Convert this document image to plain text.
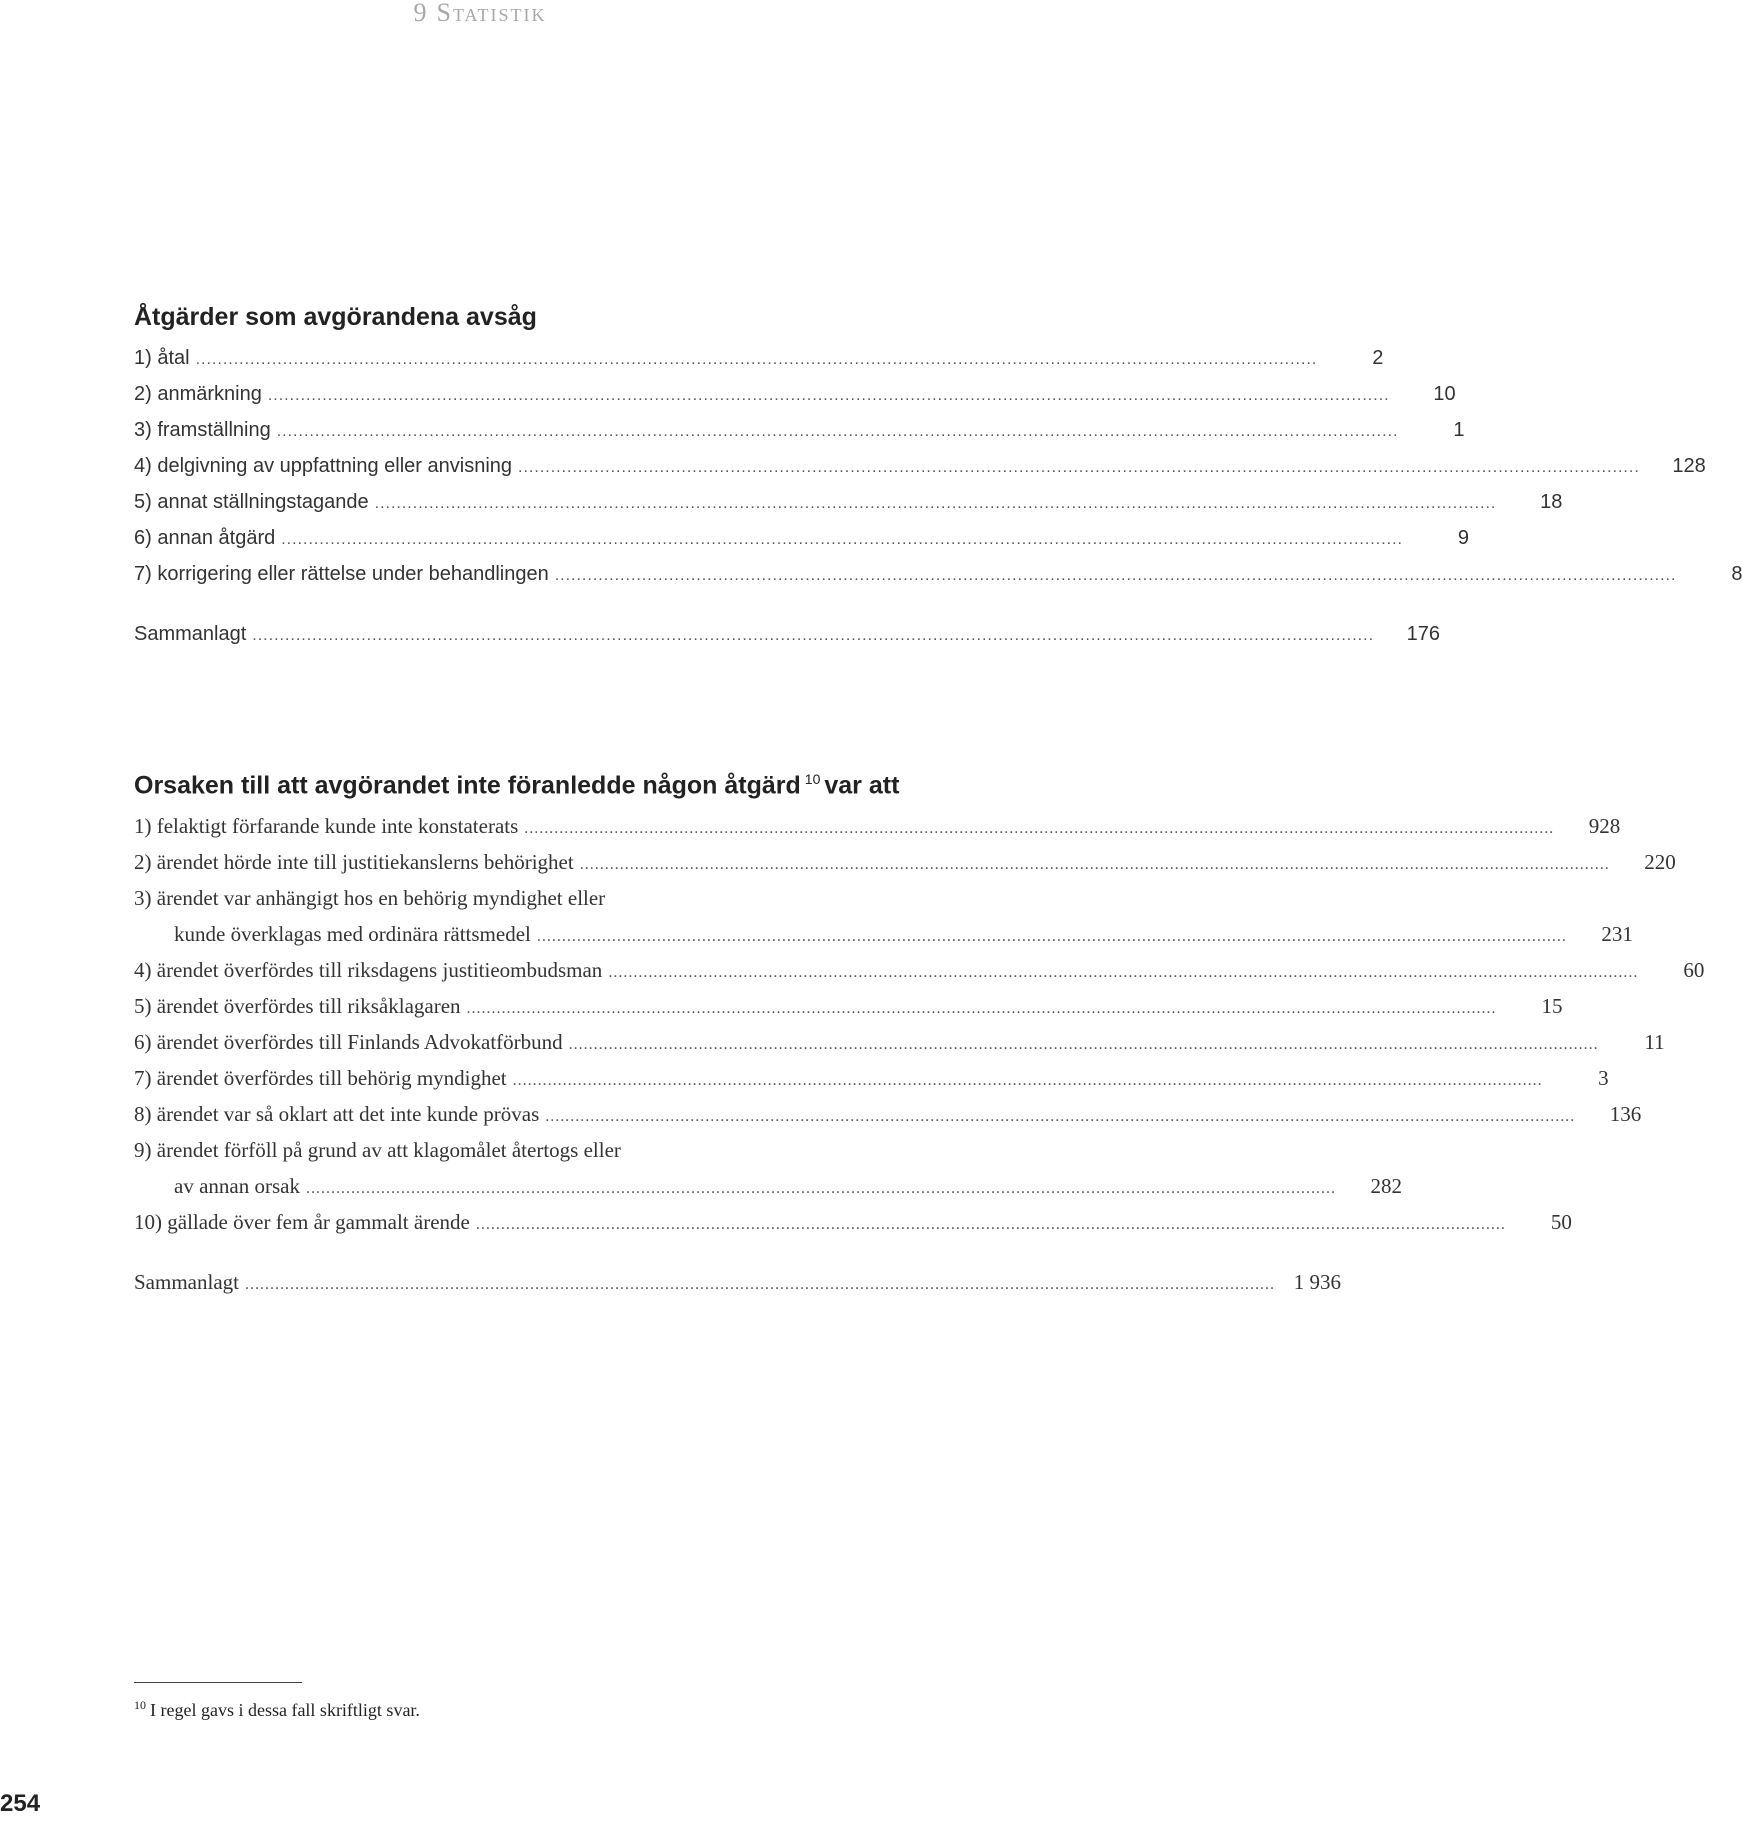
9 Statistik
Åtgärder som avgörandena avsåg
1) åtal .....	2
2) anmärkning .....	10
3) framställning .....	1
4) delgivning av uppfattning eller anvisning .....	128
5) annat ställningstagande .....	18
6) annan åtgärd .....	9
7) korrigering eller rättelse under behandlingen .....	8
Sammanlagt .....	176
Orsaken till att avgörandet inte föranledde någon åtgärd $^{10}$ var att
1) felaktigt förfarande kunde inte konstaterats .....	928
2) ärendet hörde inte till justitiekanslerns behörighet .....	220
3) ärendet var anhängigt hos en behörig myndighet eller
kunde överklagas med ordinära rättsmedel .....	231
4) ärendet överfördes till riksdagens justitieombudsman .....	60
5) ärendet överfördes till riksåklagaren .....	15
6) ärendet överfördes till Finlands Advokatförbund .....	11
7) ärendet överfördes till behörig myndighet .....	3
8) ärendet var så oklart att det inte kunde prövas .....	136
9) ärendet förföll på grund av att klagomålet återtogs eller
av annan orsak .....	282
10) gällade över fem år gammalt ärende .....	50
Sammanlagt .....	1 936
$^{10}$ I regel gavs i dessa fall skriftligt svar.
254
